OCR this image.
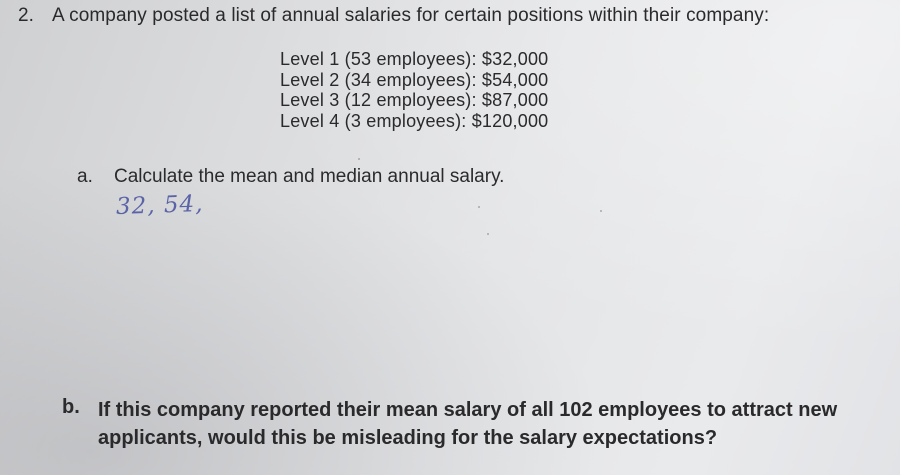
2. A company posted a list of annual salaries for certain positions within their company:
Level 1 (53 employees): $32,000
Level 2 (34 employees): $54,000
Level 3 (12 employees): $87,000
Level 4 (3 employees): $120,000
a. Calculate the mean and median annual salary.
32, 54,
b. If this company reported their mean salary of all 102 employees to attract new applicants, would this be misleading for the salary expectations?
